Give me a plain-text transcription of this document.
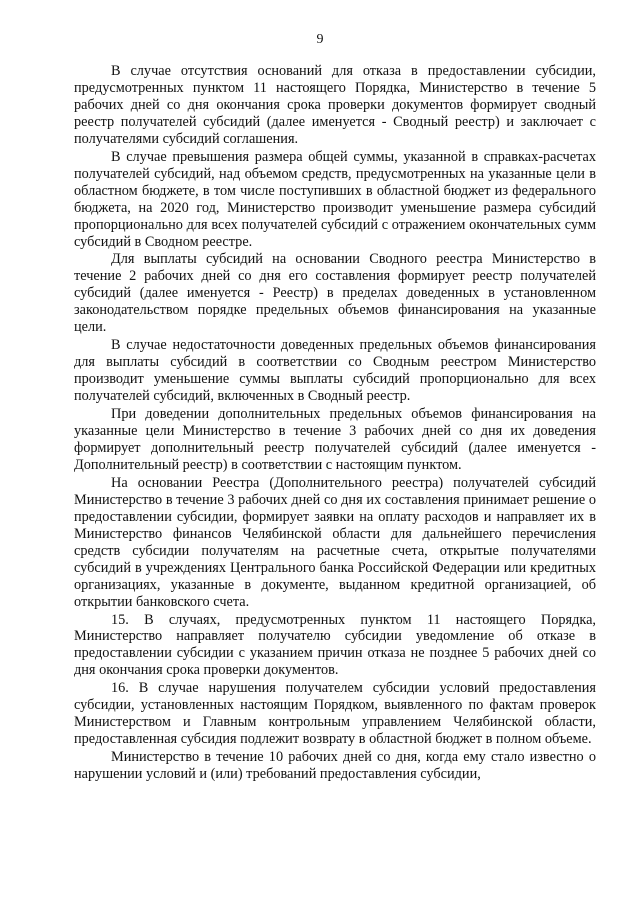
9

В случае отсутствия оснований для отказа в предоставлении субсидии, предусмотренных пунктом 11 настоящего Порядка, Министерство в течение 5 рабочих дней со дня окончания срока проверки документов формирует сводный реестр получателей субсидий (далее именуется - Сводный реестр) и заключает с получателями субсидий соглашения.

В случае превышения размера общей суммы, указанной в справках-расчетах получателей субсидий, над объемом средств, предусмотренных на указанные цели в областном бюджете, в том числе поступивших в областной бюджет из федерального бюджета, на 2020 год, Министерство производит уменьшение размера субсидий пропорционально для всех получателей субсидий с отражением окончательных сумм субсидий в Сводном реестре.

Для выплаты субсидий на основании Сводного реестра Министерство в течение 2 рабочих дней со дня его составления формирует реестр получателей субсидий (далее именуется - Реестр) в пределах доведенных в установленном законодательством порядке предельных объемов финансирования на указанные цели.

В случае недостаточности доведенных предельных объемов финансирования для выплаты субсидий в соответствии со Сводным реестром Министерство производит уменьшение суммы выплаты субсидий пропорционально для всех получателей субсидий, включенных в Сводный реестр.

При доведении дополнительных предельных объемов финансирования на указанные цели Министерство в течение 3 рабочих дней со дня их доведения формирует дополнительный реестр получателей субсидий (далее именуется - Дополнительный реестр) в соответствии с настоящим пунктом.

На основании Реестра (Дополнительного реестра) получателей субсидий Министерство в течение 3 рабочих дней со дня их составления принимает решение о предоставлении субсидии, формирует заявки на оплату расходов и направляет их в Министерство финансов Челябинской области для дальнейшего перечисления средств субсидии получателям на расчетные счета, открытые получателями субсидий в учреждениях Центрального банка Российской Федерации или кредитных организациях, указанные в документе, выданном кредитной организацией, об открытии банковского счета.

15. В случаях, предусмотренных пунктом 11 настоящего Порядка, Министерство направляет получателю субсидии уведомление об отказе в предоставлении субсидии с указанием причин отказа не позднее 5 рабочих дней со дня окончания срока проверки документов.

16. В случае нарушения получателем субсидии условий предоставления субсидии, установленных настоящим Порядком, выявленного по фактам проверок Министерством и Главным контрольным управлением Челябинской области, предоставленная субсидия подлежит возврату в областной бюджет в полном объеме.

Министерство в течение 10 рабочих дней со дня, когда ему стало известно о нарушении условий и (или) требований предоставления субсидии,
